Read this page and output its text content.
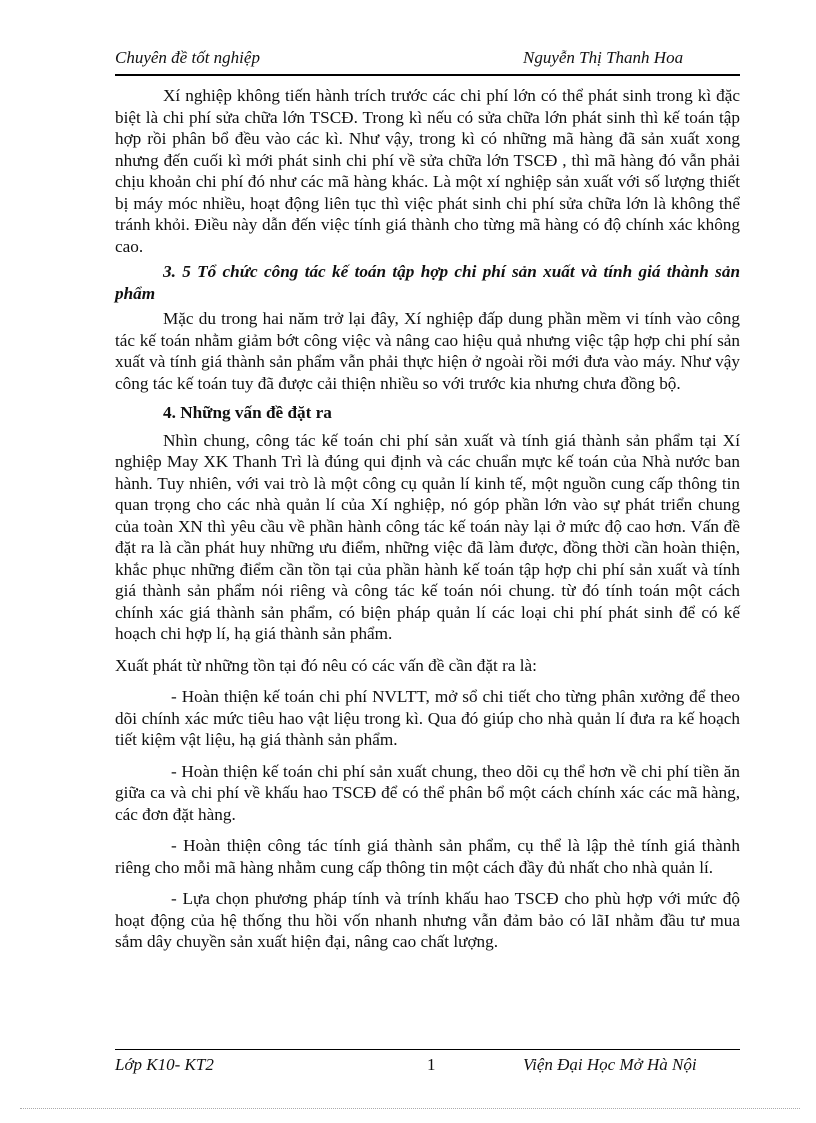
Chuyên đề tốt nghiệp	Nguyễn Thị Thanh Hoa

Xí nghiệp không tiến hành trích trước các chi phí lớn có thể phát sinh trong kì đặc biệt là chi phí sửa chữa lớn TSCĐ. Trong kì nếu có sửa chữa lớn phát sinh thì kế toán tập hợp rồi phân bổ đều vào các kì. Như vậy, trong kì có những mã hàng đã sản xuất xong nhưng đến cuối kì mới phát sinh chi phí về sửa chữa lớn TSCĐ , thì mã hàng đó vẫn phải chịu khoản chi phí đó như các mã hàng khác. Là một xí nghiệp sản xuất với số lượng thiết bị máy móc nhiều, hoạt động liên tục thì việc phát sinh chi phí sửa chữa lớn là không thể tránh khỏi. Điều này dẫn đến việc tính giá thành cho từng mã hàng có độ chính xác không cao.

3. 5 Tổ chức công tác kế toán tập hợp chi phí sản xuất và tính giá thành sản phẩm

Mặc du trong hai năm trở lại đây, Xí nghiệp đấp dung phần mềm vi tính vào công tác kế toán nhằm giảm bớt công việc và nâng cao hiệu quả nhưng việc tập hợp chi phí sản xuất và tính giá thành sản phẩm vẫn phải thực hiện ở ngoài rồi mới đưa vào máy. Như vậy công tác kế toán tuy đã được cải thiện nhiều so với trước kia nhưng chưa đồng bộ.

4. Những vấn đề đặt ra

Nhìn chung, công tác kế toán chi phí sản xuất và tính giá thành sản phẩm tại Xí nghiệp May XK Thanh Trì là đúng qui định và các chuẩn mực kế toán của Nhà nước ban hành. Tuy nhiên, với vai trò là một công cụ quản lí kinh tế, một nguồn cung cấp thông tin quan trọng cho các nhà quản lí của Xí nghiệp, nó góp phần lớn vào sự phát triển chung của toàn XN thì yêu cầu về phần hành công tác kế toán này lại ở mức độ cao hơn. Vấn đề đặt ra là cần phát huy những ưu điểm, những việc đã làm được, đồng thời cần hoàn thiện, khắc phục những điểm cần tồn tại của phần hành kế toán tập hợp chi phí sản xuất và tính giá thành sản phẩm nói riêng và công tác kế toán nói chung. từ đó tính toán một cách chính xác giá thành sản phẩm, có biện pháp quản lí các loại chi phí phát sinh để có kế hoạch chi hợp lí, hạ giá thành sản phẩm.

Xuất phát từ những tồn tại đó nêu có các vấn đề cần đặt ra là:

- Hoàn thiện kế toán chi phí NVLTT, mở sổ chi tiết cho từng phân xưởng để theo dõi chính xác mức tiêu hao vật liệu trong kì. Qua đó giúp cho nhà quản lí đưa ra kế hoạch tiết kiệm vật liệu, hạ giá thành sản phẩm.

- Hoàn thiện kế toán chi phí sản xuất chung, theo dõi cụ thể hơn về chi phí tiền ăn giữa ca và chi phí về khấu hao TSCĐ để có thể phân bổ một cách chính xác các mã hàng, các đơn đặt hàng.

- Hoàn thiện công tác tính giá thành sản phẩm, cụ thể là lập thẻ tính giá thành riêng cho mỗi mã hàng nhằm cung cấp thông tin một cách đầy đủ nhất cho nhà quản lí.

- Lựa chọn phương pháp tính và trính khấu hao TSCĐ cho phù hợp với mức độ hoạt động của hệ thống thu hồi vốn nhanh nhưng vẫn đảm bảo có lãI nhằm đầu tư mua sắm dây chuyền sản xuất hiện đại, nâng cao chất lượng.

Lớp K10- KT2	1	Viện Đại Học Mở Hà Nội
